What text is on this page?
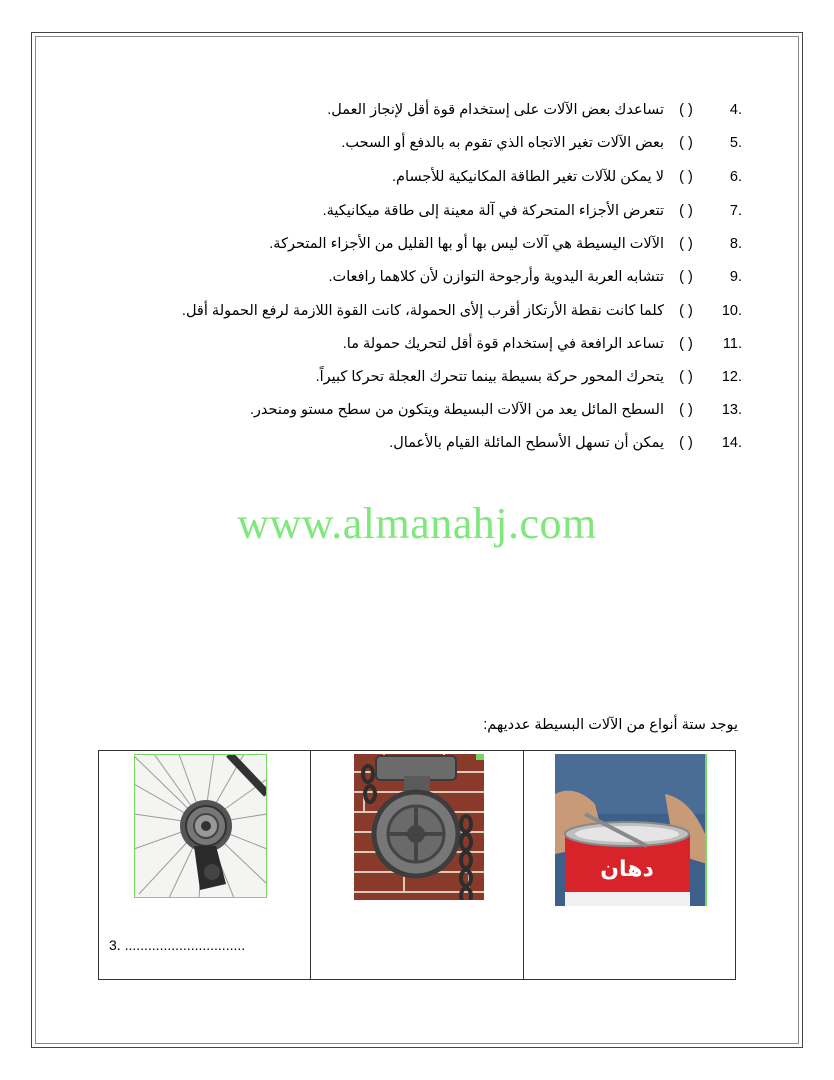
4.
( )
تساعدك بعض الآلات على إستخدام قوة أقل لإنجاز العمل.
5.
( )
بعض الآلات تغير الاتجاه الذي تقوم به بالدفع أو السحب.
6.
( )
لا يمكن للآلات تغير الطاقة المكانيكية للأجسام.
7.
( )
تتعرض الأجزاء المتحركة في آلة معينة إلى طاقة ميكانيكية.
8.
( )
الآلات اليسيطة هي آلات ليس بها أو بها القليل من الأجزاء المتحركة.
9.
( )
تتشابه العربة اليدوية وأرجوحة التوازن لأن كلاهما رافعات.
10.
( )
كلما كانت نقطة الأرتكاز أقرب إلأى الحمولة، كانت القوة اللازمة لرفع الحمولة أقل.
11.
( )
تساعد الرافعة في إستخدام قوة أقل لتحريك حمولة ما.
12.
( )
يتحرك المحور حركة بسيطة بينما تتحرك العجلة تحركا كبيراً.
13.
( )
السطح المائل يعد من الآلات البسيطة ويتكون من سطح مستو ومنحدر.
14.
( )
يمكن أن تسهل الأسطح المائلة القيام بالأعمال.
www.almanahj.com
يوجد ستة أنواع من الآلات البسيطة عدديهم:
3. ...............................

دهان
